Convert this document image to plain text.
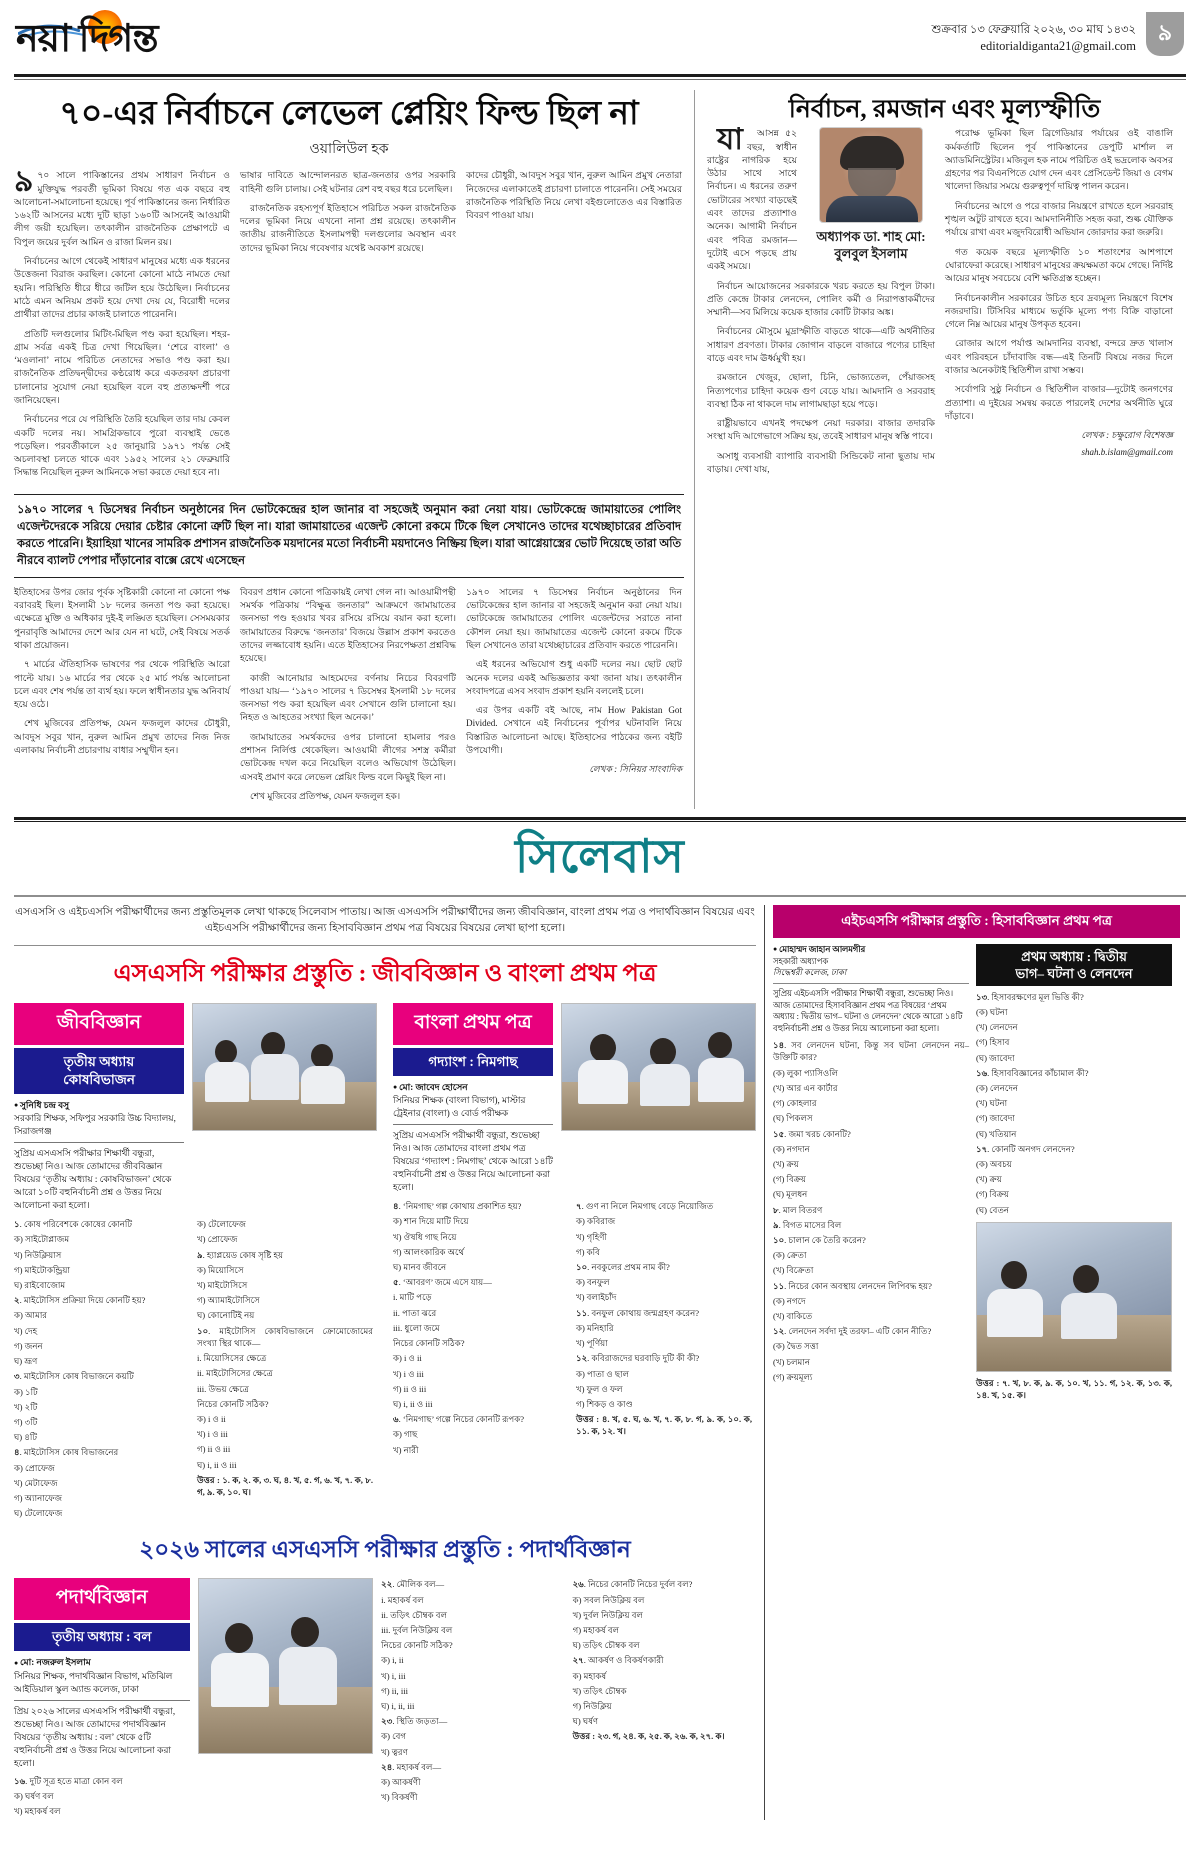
নয়া দিগন্ত	শুক্রবার ১৩ ফেব্রুয়ারি ২০২৬, ৩০ মাঘ ১৪৩২
editorialdiganta21@gmail.com
৯
৭০-এর নির্বাচনে লেভেল প্লেয়িং ফিল্ড ছিল না
ওয়ালিউল হক

৯৭০ সালে পাকিস্তানের প্রথম সাধারণ নির্বাচন ও মুক্তিযুদ্ধ পরবর্তী ভূমিকা বিষয়ে গত এক বছরে বহু আলোচনা-সমালোচনা হয়েছে। পূর্ব পাকিস্তানের জন্য নির্ধারিত ১৬২টি আসনের মধ্যে দুটি ছাড়া ১৬০টি আসনেই আওয়ামী লীগ জয়ী হয়েছিল। তৎকালীন রাজনৈতিক প্রেক্ষাপটে এ বিপুল জয়ের দুর্বল আমিন ও রাজা মিলন রয়।

নির্বাচনের আগে থেকেই সাধারণ মানুষের মধ্যে এক ধরনের উত্তেজনা বিরাজ করছিল। কোনো কোনো মাঠে নামতে দেয়া হয়নি। পরিস্থিতি ধীরে ধীরে জটিল হয়ে উঠেছিল। নির্বাচনের মাঠে এমন অনিয়ম প্রকট হয়ে দেখা দেয় যে, বিরোধী দলের প্রার্থীরা তাদের প্রচার কাজই চালাতে পারেননি।

প্রতিটি দলগুলোর মিটিং-মিছিল পণ্ড করা হয়েছিল। শহর-গ্রাম সর্বত্র একই চিত্র দেখা গিয়েছিল। ‘শেরে বাংলা’ ও ‘মওলানা’ নামে পরিচিত নেতাদের সভাও পণ্ড করা হয়। রাজনৈতিক প্রতিদ্বন্দ্বীদের কণ্ঠরোধ করে একতরফা প্রচারণা চালানোর সুযোগ নেয়া হয়েছিল বলে বহু প্রত্যক্ষদর্শী পরে জানিয়েছেন।

নির্বাচনের পরে যে পরিস্থিতি তৈরি হয়েছিল তার দায় কেবল একটি দলের নয়। সামগ্রিকভাবে পুরো ব্যবস্থাই ভেঙে পড়েছিল। পরবর্তীকালে ২৫ জানুয়ারি ১৯৭১ পর্যন্ত সেই অচলাবস্থা চলতে থাকে এবং ১৯৫২ সালের ২১ ফেব্রুয়ারি সিদ্ধান্ত নিয়েছিল নুরুল আমিনকে সভা করতে দেয়া হবে না।

ভাষার দাবিতে আন্দোলনরত ছাত্র-জনতার ওপর সরকারি বাহিনী গুলি চালায়। সেই ঘটনার রেশ বহু বছর ধরে চলেছিল।

রাজনৈতিক রহস্যপূর্ণ ইতিহাসে পরিচিত সকল রাজনৈতিক দলের ভূমিকা নিয়ে এখনো নানা প্রশ্ন রয়েছে। তৎকালীন জাতীয় রাজনীতিতে ইসলামপন্থী দলগুলোর অবস্থান এবং তাদের ভূমিকা নিয়ে গবেষণার যথেষ্ট অবকাশ রয়েছে।

কাদের চৌধুরী, আবদুস সবুর খান, নুরুল আমিন প্রমুখ নেতারা নিজেদের এলাকাতেই প্রচারণা চালাতে পারেননি। সেই সময়ের রাজনৈতিক পরিস্থিতি নিয়ে লেখা বইগুলোতেও এর বিস্তারিত বিবরণ পাওয়া যায়।

১৯৭০ সালের ৭ ডিসেম্বর নির্বাচন অনুষ্ঠানের দিন ভোটকেন্দ্রের হাল জানার বা সহজেই অনুমান করা নেয়া যায়। ভোটকেন্দ্রে জামায়াতের পোলিং এজেন্টদেরকে সরিয়ে দেয়ার চেষ্টার কোনো ত্রুটি ছিল না। যারা জামায়াতের এজেন্ট কোনো রকমে টিকে ছিল সেখানেও তাদের যথেচ্ছাচারের প্রতিবাদ করতে পারেনি। ইয়াহিয়া খানের সামরিক প্রশাসন রাজনৈতিক ময়দানের মতো নির্বাচনী ময়দানেও নিষ্ক্রিয় ছিল। যারা আগ্নেয়াস্ত্রের ভোট দিয়েছে তারা অতি নীরবে ব্যালট পেপার দাঁড়ানোর বাক্সে রেখে এসেছেন

ইতিহাসের উপর জোর পূর্বক সৃষ্টিকারী কোনো না কোনো পক্ষ বরাবরই ছিল। ইসলামী ১৮ দলের জনতা পণ্ড করা হয়েছে। এক্ষেত্রে মুক্তি ও অধিকার দুই-ই লঙ্ঘিত হয়েছিল। সেসময়কার পুনরাবৃত্তি আমাদের দেশে আর যেন না ঘটে, সেই বিষয়ে সতর্ক থাকা প্রয়োজন।

৭ মার্চের ঐতিহাসিক ভাষণের পর থেকে পরিস্থিতি আরো পাল্টে যায়। ১৬ মার্চের পর থেকে ২৫ মার্চ পর্যন্ত আলোচনা চলে এবং শেষ পর্যন্ত তা ব্যর্থ হয়। ফলে স্বাধীনতার যুদ্ধ অনিবার্য হয়ে ওঠে।

শেখ মুজিবের প্রতিপক্ষ, যেমন ফজলুল কাদের চৌধুরী, আবদুস সবুর খান, নুরুল আমিন প্রমুখ তাদের নিজ নিজ এলাকায় নির্বাচনী প্রচারণায় বাধার সম্মুখীন হন।

বিবরণ প্রধান কোনো পত্রিকায়ই লেখা গেল না। আওয়ামীপন্থী সমর্থক পত্রিকায় “বিক্ষুব্ধ জনতার” আক্রমণে জামায়াতের জনসভা পণ্ড হওয়ার খবর রসিয়ে রসিয়ে বয়ান করা হলো। জামায়াতের বিরুদ্ধে ‘জনতার’ বিজয়ে উল্লাস প্রকাশ করতেও তাদের লজ্জাবোধ হয়নি। এতে ইতিহাসের নিরপেক্ষতা প্রশ্নবিদ্ধ হয়েছে।

কাজী আনোয়ার আহমেদের বর্ণনায় নিচের বিবরণটি পাওয়া যায়— ‘১৯৭০ সালের ৭ ডিসেম্বর ইসলামী ১৮ দলের জনসভা পণ্ড করা হয়েছিল এবং সেখানে গুলি চালানো হয়। নিহত ও আহতের সংখ্যা ছিল অনেক।’

জামায়াতের সমর্থকদের ওপর চালানো হামলার পরও প্রশাসন নির্লিপ্ত থেকেছিল। আওয়ামী লীগের সশস্ত্র কর্মীরা ভোটকেন্দ্র দখল করে নিয়েছিল বলেও অভিযোগ উঠেছিল। এসবই প্রমাণ করে লেভেল প্লেয়িং ফিল্ড বলে কিছুই ছিল না।

শেখ মুজিবের প্রতিপক্ষ, যেমন ফজলুল হক।

১৯৭০ সালের ৭ ডিসেম্বর নির্বাচন অনুষ্ঠানের দিন ভোটকেন্দ্রের হাল জানার বা সহজেই অনুমান করা নেয়া যায়। ভোটকেন্দ্রে জামায়াতের পোলিং এজেন্টদের সরাতে নানা কৌশল নেয়া হয়। জামায়াতের এজেন্ট কোনো রকমে টিকে ছিল সেখানেও তারা যথেচ্ছাচারের প্রতিবাদ করতে পারেননি।

এই ধরনের অভিযোগ শুধু একটি দলের নয়। ছোট ছোট অনেক দলের একই অভিজ্ঞতার কথা জানা যায়। তৎকালীন সংবাদপত্রে এসব সংবাদ প্রকাশ হয়নি বললেই চলে।

এর উপর একটি বই আছে, নাম How Pakistan Got Divided. সেখানে এই নির্বাচনের পূর্বাপর ঘটনাবলি নিয়ে বিস্তারিত আলোচনা আছে। ইতিহাসের পাঠকের জন্য বইটি উপযোগী।

লেখক : সিনিয়র সাংবাদিক
নির্বাচন, রমজান এবং মূল্যস্ফীতি
অধ্যাপক ডা. শাহ মো:
বুলবুল ইসলাম

যাআসন্ন ৫২ বছর, স্বাধীন রাষ্ট্রের নাগরিক হয়ে উঠার সাথে সাথে নির্বাচন। এ ধরনের তরুণ ভোটারের সংখ্যা বাড়ছেই এবং তাদের প্রত্যাশাও অনেক। আগামী নির্বাচন এবং পবিত্র রমজান—দুটোই এসে পড়ছে প্রায় একই সময়ে।

নির্বাচন আয়োজনের সরকারকে খরচ করতে হয় বিপুল টাকা। প্রতি কেন্দ্রে টাকার লেনদেন, পোলিং কর্মী ও নিরাপত্তাকর্মীদের সম্মানী—সব মিলিয়ে কয়েক হাজার কোটি টাকার অঙ্ক।

নির্বাচনের মৌসুমে মুদ্রাস্ফীতি বাড়তে থাকে—এটি অর্থনীতির সাধারণ প্রবণতা। টাকার জোগান বাড়লে বাজারে পণ্যের চাহিদা বাড়ে এবং দাম ঊর্ধ্বমুখী হয়।

রমজানে খেজুর, ছোলা, চিনি, ভোজ্যতেল, পেঁয়াজসহ নিত্যপণ্যের চাহিদা কয়েক গুণ বেড়ে যায়। আমদানি ও সরবরাহ ব্যবস্থা ঠিক না থাকলে দাম লাগামছাড়া হয়ে পড়ে।

রাষ্ট্রীয়ভাবে এখনই পদক্ষেপ নেয়া দরকার। বাজার তদারকি সংস্থা যদি আগেভাগে সক্রিয় হয়, তবেই সাধারণ মানুষ স্বস্তি পাবে।

অসাধু ব্যবসায়ী ব্যাপারি ব্যবসায়ী সিন্ডিকেট নানা ছুতায় দাম বাড়ায়। দেখা যায়,

পরোক্ষ ভূমিকা ছিল ব্রিগেডিয়ার পর্যায়ের ওই বাঙালি কর্মকর্তাটি ছিলেন পূর্ব পাকিস্তানের ডেপুটি মার্শাল ল অ্যাডমিনিস্ট্রেটর। মজিবুল হক নামে পরিচিত ওই ভদ্রলোক অবসর গ্রহণের পর বিএনপিতে যোগ দেন এবং প্রেসিডেন্ট জিয়া ও বেগম খালেদা জিয়ার সময়ে গুরুত্বপূর্ণ দায়িত্ব পালন করেন।

নির্বাচনের আগে ও পরে বাজার নিয়ন্ত্রণে রাখতে হলে সরবরাহ শৃঙ্খল অটুট রাখতে হবে। আমদানিনীতি সহজ করা, শুল্ক যৌক্তিক পর্যায়ে রাখা এবং মজুদবিরোধী অভিযান জোরদার করা জরুরি।

গত কয়েক বছরে মূল্যস্ফীতি ১০ শতাংশের আশপাশে ঘোরাফেরা করেছে। সাধারণ মানুষের ক্রয়ক্ষমতা কমে গেছে। নির্দিষ্ট আয়ের মানুষ সবচেয়ে বেশি ক্ষতিগ্রস্ত হচ্ছেন।

নির্বাচনকালীন সরকারের উচিত হবে দ্রব্যমূল্য নিয়ন্ত্রণে বিশেষ নজরদারি। টিসিবির মাধ্যমে ভর্তুকি মূল্যে পণ্য বিক্রি বাড়ানো গেলে নিম্ন আয়ের মানুষ উপকৃত হবেন।

রোজার আগে পর্যাপ্ত আমদানির ব্যবস্থা, বন্দরে দ্রুত খালাস এবং পরিবহনে চাঁদাবাজি বন্ধ—এই তিনটি বিষয়ে নজর দিলে বাজার অনেকটাই স্থিতিশীল রাখা সম্ভব।

সর্বোপরি সুষ্ঠু নির্বাচন ও স্থিতিশীল বাজার—দুটোই জনগণের প্রত্যাশা। এ দুইয়ের সমন্বয় করতে পারলেই দেশের অর্থনীতি ঘুরে দাঁড়াবে।

লেখক : চক্ষুরোগ বিশেষজ্ঞ
shah.b.islam@gmail.com
সিলেবাস
এসএসসি ও এইচএসসি পরীক্ষার্থীদের জন্য প্রস্তুতিমূলক লেখা থাকছে সিলেবাস পাতায়। আজ এসএসসি পরীক্ষার্থীদের জন্য জীববিজ্ঞান, বাংলা প্রথম পত্র ও পদার্থবিজ্ঞান বিষয়ের এবং এইচএসসি পরীক্ষার্থীদের জন্য হিসাববিজ্ঞান প্রথম পত্র বিষয়ের বিষয়ের লেখা ছাপা হলো।
এসএসসি পরীক্ষার প্রস্তুতি : জীববিজ্ঞান ও বাংলা প্রথম পত্র
জীববিজ্ঞান
তৃতীয় অধ্যায়
কোষবিভাজন
● সুনিধি চন্দ্র বসু
সরকারি শিক্ষক, সফিপুর সরকারি উচ্চ বিদ্যালয়, সিরাজগঞ্জ
সুপ্রিয় এসএসসি পরীক্ষার শিক্ষার্থী বন্ধুরা, শুভেচ্ছা নিও। আজ তোমাদের জীববিজ্ঞান বিষয়ের ‘তৃতীয় অধ্যায় : কোষবিভাজন’ থেকে আরো ১০টি বহুনির্বাচনী প্রশ্ন ও উত্তর নিয়ে আলোচনা করা হলো।

১. কোষ পরিবেশকে কোষের কোনটি

ক) সাইটোপ্লাজম

খ) নিউক্লিয়াস

গ) মাইটোকন্ড্রিয়া

ঘ) রাইবোজোম

২. মাইটোসিস প্রক্রিয়া দিয়ে কোনটি হয়?

ক) আমার

খ) দেহ

গ) জনন

ঘ) ভ্রূণ

৩. মাইটোসিস কোষ বিভাজনে কয়টি

ক) ১টি

খ) ২টি

গ) ৩টি

ঘ) ৪টি

৪. মাইটোসিস কোষ বিভাজনের

ক) প্রোফেজ

খ) মেটাফেজ

গ) অ্যানাফেজ

ঘ) টেলোফেজ

ক) টেলোফেজ

খ) প্রোফেজ

৯. হ্যাপ্লয়েড কোষ সৃষ্টি হয়

ক) মিয়োসিসে

খ) মাইটোসিসে

গ) অ্যামাইটোসিসে

ঘ) কোনোটিই নয়

১০. মাইটোসিস কোষবিভাজনে ক্রোমোজোমের সংখ্যা স্থির থাকে—

i. মিয়োসিসের ক্ষেত্রে

ii. মাইটোসিসের ক্ষেত্রে

iii. উভয় ক্ষেত্রে

নিচের কোনটি সঠিক?

ক) i ও ii

খ) i ও iii

গ) ii ও iii

ঘ) i, ii ও iii

উত্তর : ১. ক, ২. ক, ৩. ঘ, ৪. খ, ৫. গ, ৬. খ, ৭. ক, ৮. গ, ৯. ক, ১০. ঘ।

বাংলা প্রথম পত্র
গদ্যাংশ : নিমগাছ
● মো: জাবেদ হোসেন
সিনিয়র শিক্ষক (বাংলা বিভাগ), মাস্টার ট্রেইনার (বাংলা) ও বোর্ড পরীক্ষক
সুপ্রিয় এসএসসি পরীক্ষার্থী বন্ধুরা, শুভেচ্ছা নিও। আজ তোমাদের বাংলা প্রথম পত্র বিষয়ের ‘গদ্যাংশ : নিমগাছ’ থেকে আরো ১৪টি বহুনির্বাচনী প্রশ্ন ও উত্তর নিয়ে আলোচনা করা হলো।

৪. ‘নিমগাছ’ গল্প কোথায় প্রকাশিত হয়?

ক) শান দিয়ে মাটি দিয়ে

খ) ঔষধি গাছ নিয়ে

গ) আলংকারিক অর্থে

ঘ) মানব জীবনে

৫. ‘আবরণ’ জমে এসে যায়—

i. মাটি পড়ে

ii. পাতা ঝরে

iii. ধুলো জমে

নিচের কোনটি সঠিক?

ক) i ও ii

খ) i ও iii

গ) ii ও iii

ঘ) i, ii ও iii

৬. ‘নিমগাছ’ গল্পে নিচের কোনটি রূপক?

ক) গাছ

খ) নারী

৭. গুণ না নিলে নিমগাছ বেড়ে নিয়োজিত

ক) কবিরাজ

খ) গৃহিণী

গ) কবি

১০. নবকুলের প্রথম নাম কী?

ক) বনফুল

খ) বলাইচাঁদ

১১. বনফুল কোথায় জন্মগ্রহণ করেন?

ক) মনিহারি

খ) পূর্ণিয়া

১২. কবিরাজদের ঘরবাড়ি দুটি কী কী?

ক) পাতা ও ছাল

খ) ফুল ও ফল

গ) শিকড় ও কাণ্ড

উত্তর : ৪. খ, ৫. ঘ, ৬. খ, ৭. ক, ৮. গ, ৯. ক, ১০. ক, ১১. ক, ১২. খ।

২০২৬ সালের এসএসসি পরীক্ষার প্রস্তুতি : পদার্থবিজ্ঞান
পদার্থবিজ্ঞান
তৃতীয় অধ্যায় : বল
● মো: নজরুল ইসলাম
সিনিয়র শিক্ষক, পদার্থবিজ্ঞান বিভাগ, মতিঝিল আইডিয়াল স্কুল অ্যান্ড কলেজ, ঢাকা
প্রিয় ২০২৬ সালের এসএসসি পরীক্ষার্থী বন্ধুরা, শুভেচ্ছা নিও। আজ তোমাদের পদার্থবিজ্ঞান বিষয়ের ‘তৃতীয় অধ্যায় : বল’ থেকে ৫টি বহুনির্বাচনী প্রশ্ন ও উত্তর নিয়ে আলোচনা করা হলো।

১৬. দুটি সূত্র হতে মাত্রা কোন বল

ক) ঘর্ষণ বল

খ) মহাকর্ষ বল

২২. মৌলিক বল—

i. মহাকর্ষ বল

ii. তড়িৎ চৌম্বক বল

iii. দুর্বল নিউক্লিয় বল

নিচের কোনটি সঠিক?

ক) i, ii

খ) i, iii

গ) ii, iii

ঘ) i, ii, iii

২৩. স্থিতি জড়তা—

ক) বেগ

খ) ত্বরণ

২৪. মহাকর্ষ বল—

ক) আকর্ষণী

খ) বিকর্ষণী

২৬. নিচের কোনটি নিচের দুর্বল বল?

ক) সবল নিউক্লিয় বল

খ) দুর্বল নিউক্লিয় বল

গ) মহাকর্ষ বল

ঘ) তড়িৎ চৌম্বক বল

২৭. আকর্ষণ ও বিকর্ষণকারী

ক) মহাকর্ষ

খ) তড়িৎ চৌম্বক

গ) নিউক্লিয়

ঘ) ঘর্ষণ

উত্তর : ২৩. গ, ২৪. ক, ২৫. ক, ২৬. ক, ২৭. ক।

এইচএসসি পরীক্ষার প্রস্তুতি : হিসাববিজ্ঞান প্রথম পত্র
● মোহাম্মদ জাহান আলমগীর
সহকারী অধ্যাপক
সিদ্ধেশ্বরী কলেজ, ঢাকা
সুপ্রিয় এইচএসসি পরীক্ষার শিক্ষার্থী বন্ধুরা, শুভেচ্ছা নিও। আজ তোমাদের হিসাববিজ্ঞান প্রথম পত্র বিষয়ের ‘প্রথম অধ্যায় : দ্বিতীয় ভাগ– ঘটনা ও লেনদেন’ থেকে আরো ১৪টি বহুনির্বাচনী প্রশ্ন ও উত্তর নিয়ে আলোচনা করা হলো।

১৪. সব লেনদেন ঘটনা, কিন্তু সব ঘটনা লেনদেন নয়– উক্তিটি কার?

(ক) লুকা প্যাসিওলি

(খ) আর এন কার্টার

(গ) কোহলার

(ঘ) পিকলস

১৫. জমা খরচ কোনটি?

(ক) নগদান

(খ) ক্রয়

(গ) বিক্রয়

(ঘ) মূলধন

৮. মাল বিতরণ

৯. বিগত মাসের বিল

১০. চালান কে তৈরি করেন?

(ক) ক্রেতা

(খ) বিক্রেতা

১১. নিচের কোন অবস্থায় লেনদেন লিপিবদ্ধ হয়?

(ক) নগদে

(খ) বাকিতে

১২. লেনদেন সর্বদা দুই তরফা– এটি কোন নীতি?

(ক) দ্বৈত সত্তা

(খ) চলমান

(গ) ক্রয়মূল্য

প্রথম অধ্যায় : দ্বিতীয়
ভাগ– ঘটনা ও লেনদেন

১৩. হিসাবরক্ষণের মূল ভিত্তি কী?

(ক) ঘটনা

(খ) লেনদেন

(গ) হিসাব

(ঘ) জাবেদা

১৬. হিসাববিজ্ঞানের কাঁচামাল কী?

(ক) লেনদেন

(খ) ঘটনা

(গ) জাবেদা

(ঘ) খতিয়ান

১৭. কোনটি অনগদ লেনদেন?

(ক) অবচয়

(খ) ক্রয়

(গ) বিক্রয়

(ঘ) বেতন

উত্তর : ৭. খ, ৮. ক, ৯. ক, ১০. খ, ১১. গ, ১২. ক, ১৩. ক, ১৪. খ, ১৫. ক।
